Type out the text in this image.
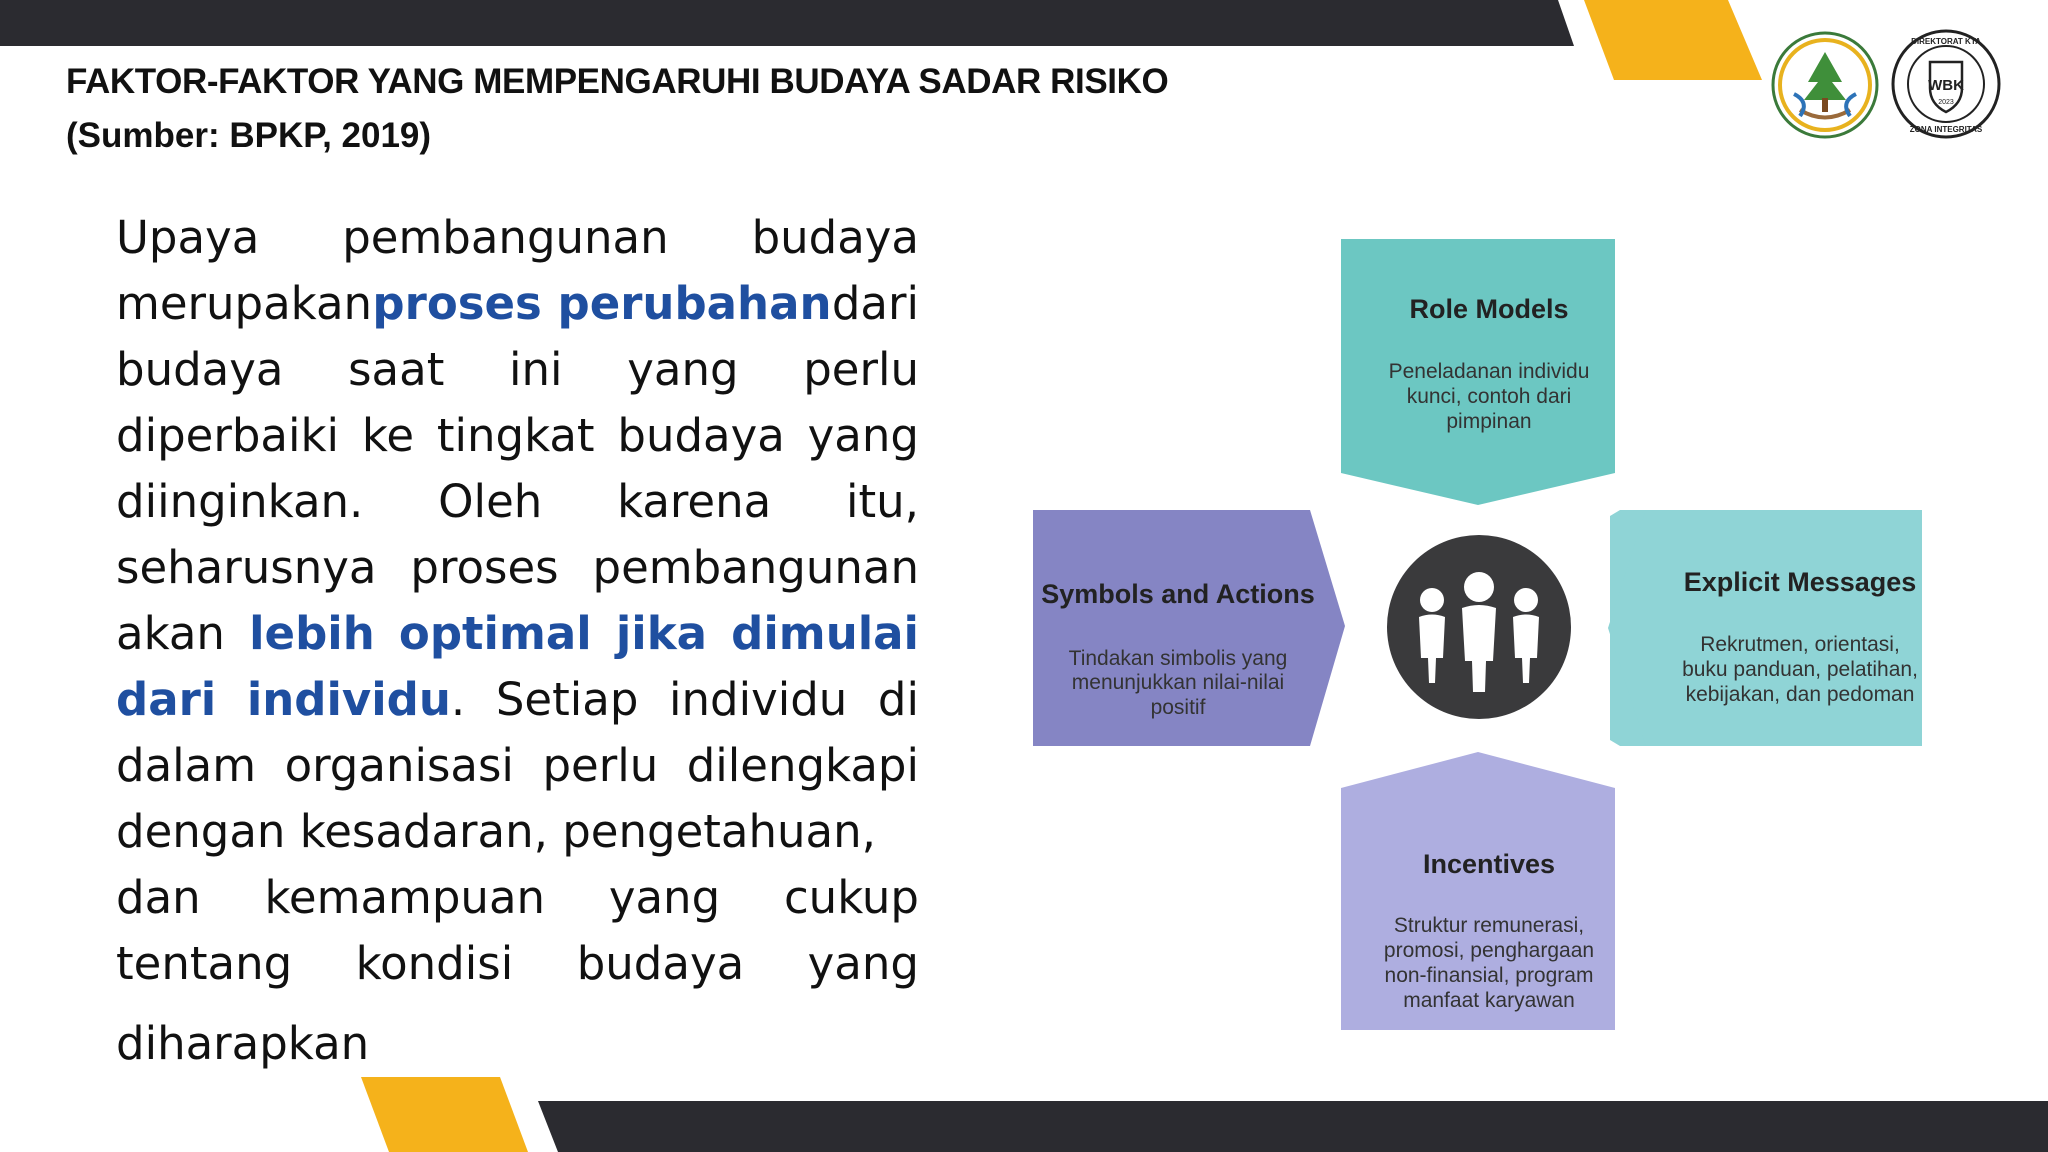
FAKTOR-FAKTOR YANG MEMPENGARUHI BUDAYA SADAR RISIKO
(Sumber: BPKP, 2019)
WBK
2023
DIREKTORAT KTA
ZONA INTEGRITAS
Upaya pembangunan budaya
merupakan proses perubahan dari
budaya saat ini yang perlu
diperbaiki ke tingkat budaya yang
diinginkan. Oleh karena itu,
seharusnya proses pembangunan
akan lebih optimal jika dimulai
dari individu. Setiap individu di
dalam organisasi perlu dilengkapi
dengan kesadaran, pengetahuan,
dan kemampuan yang cukup
tentang kondisi budaya yang
diharapkan
Role Models
Peneladanan individu
kunci, contoh dari
pimpinan
Symbols and Actions
Tindakan simbolis yang
menunjukkan nilai-nilai
positif
Explicit Messages
Rekrutmen, orientasi,
buku panduan, pelatihan,
kebijakan, dan pedoman
Incentives
Struktur remunerasi,
promosi, penghargaan
non-finansial, program
manfaat karyawan
